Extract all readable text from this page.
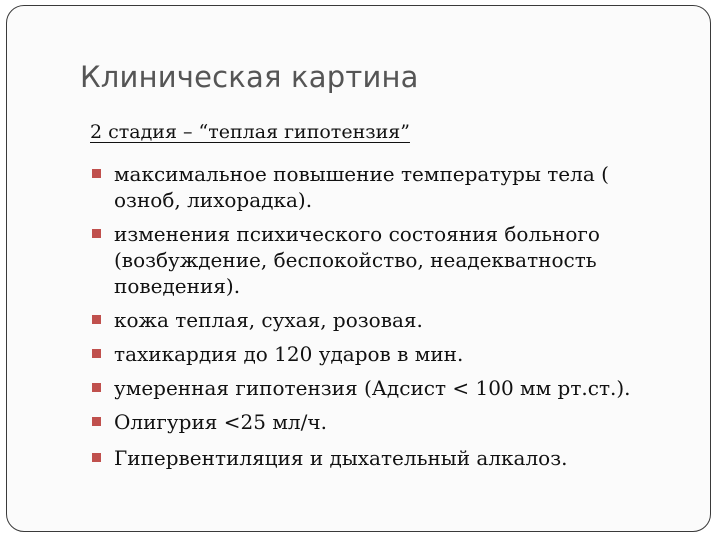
Клиническая картина
2 стадия – “теплая гипотензия”
максимальное повышение температуры тела ( озноб, лихорадка).
изменения психического состояния больного (возбуждение, беспокойство, неадекватность поведения).
кожа теплая, сухая, розовая.
тахикардия до 120 ударов в мин.
умеренная гипотензия (Адсист < 100 мм рт.ст.).
Олигурия <25 мл/ч.
Гипервентиляция и дыхательный алкалоз.
